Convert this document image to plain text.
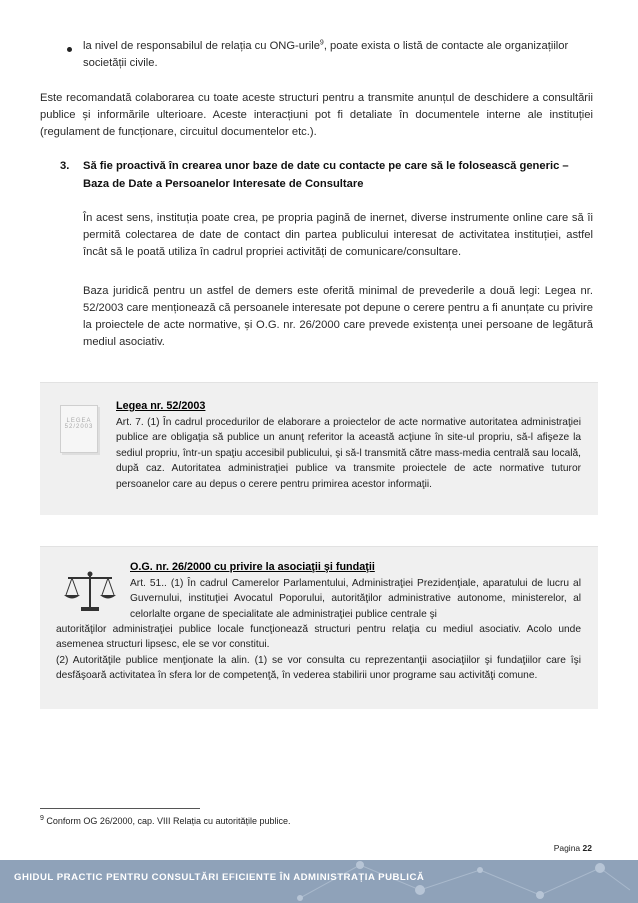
la nivel de responsabilul de relația cu ONG-urile$^9$, poate exista o listă de contacte ale organizațiilor
societății civile.
Este recomandată colaborarea cu toate aceste structuri pentru a transmite anunțul de deschidere a consultării publice și informările ulterioare. Aceste interacțiuni pot fi detaliate în documentele interne ale instituției (regulament de funcționare, circuitul documentelor etc.).
3. Să fie proactivă în crearea unor baze de date cu contacte pe care să le folosească generic – Baza de Date a Persoanelor Interesate de Consultare
În acest sens, instituția poate crea, pe propria pagină de inernet, diverse instrumente online care să îi permită colectarea de date de contact din partea publicului interesat de activitatea instituției, astfel încât să le poată utiliza în cadrul propriei activități de comunicare/consultare.
Baza juridică pentru un astfel de demers este oferită minimal de prevederile a două legi: Legea nr. 52/2003 care menționează că persoanele interesate pot depune o cerere pentru a fi anunțate cu privire la proiectele de acte normative, și O.G. nr. 26/2000 care prevede existența unei persoane de legătură mediul asociativ.
LEGEA
52/2003
Legea nr. 52/2003
Art. 7. (1) În cadrul procedurilor de elaborare a proiectelor de acte normative autoritatea administraţiei publice are obligaţia să publice un anunţ referitor la această acţiune în site-ul propriu, să-l afişeze la sediul propriu, într-un spaţiu accesibil publicului, şi să-l transmită către mass-media centrală sau locală, după caz. Autoritatea administraţiei publice va transmite proiectele de acte normative tuturor persoanelor care au depus o cerere pentru primirea acestor informaţii.
O.G. nr. 26/2000 cu privire la asociaţii şi fundaţii
Art. 51.. (1) În cadrul Camerelor Parlamentului, Administraţiei Prezidenţiale, aparatului de lucru al Guvernului, instituţiei Avocatul Poporului, autorităţilor administrative autonome, ministerelor, al celorlalte organe de specialitate ale administraţiei publice centrale şi
autorităţilor administraţiei publice locale funcţionează structuri pentru relaţia cu mediul asociativ. Acolo unde asemenea structuri lipsesc, ele se vor constitui.
(2) Autorităţile publice menţionate la alin. (1) se vor consulta cu reprezentanţii asociaţiilor şi fundaţiilor care îşi desfăşoară activitatea în sfera lor de competenţă, în vederea stabilirii unor programe sau activităţi comune.
$^9$ Conform OG 26/2000, cap. VIII Relația cu autoritățile publice.
Pagina 22
GHIDUL PRACTIC PENTRU CONSULTĂRI EFICIENTE ÎN ADMINISTRAȚIA PUBLICĂ
